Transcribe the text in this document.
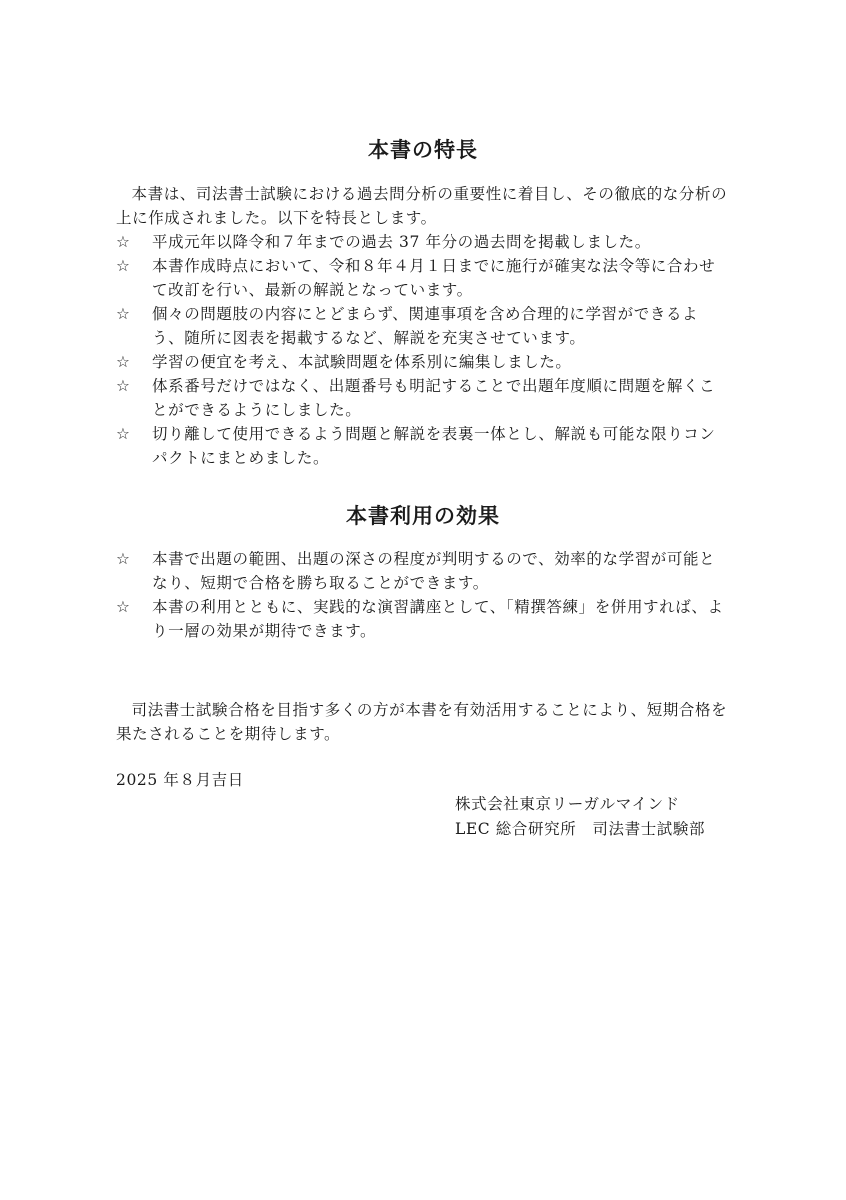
本書の特長
本書は、司法書士試験における過去問分析の重要性に着目し、その徹底的な分析の上に作成されました。以下を特長とします。
☆	平成元年以降令和７年までの過去 37 年分の過去問を掲載しました。
☆	本書作成時点において、令和８年４月１日までに施行が確実な法令等に合わせて改訂を行い、最新の解説となっています。
☆	個々の問題肢の内容にとどまらず、関連事項を含め合理的に学習ができるよう、随所に図表を掲載するなど、解説を充実させています。
☆	学習の便宜を考え、本試験問題を体系別に編集しました。
☆	体系番号だけではなく、出題番号も明記することで出題年度順に問題を解くことができるようにしました。
☆	切り離して使用できるよう問題と解説を表裏一体とし、解説も可能な限りコンパクトにまとめました。
本書利用の効果
☆	本書で出題の範囲、出題の深さの程度が判明するので、効率的な学習が可能となり、短期で合格を勝ち取ることができます。
☆	本書の利用とともに、実践的な演習講座として、「精撰答練」を併用すれば、より一層の効果が期待できます。
司法書士試験合格を目指す多くの方が本書を有効活用することにより、短期合格を果たされることを期待します。
2025 年８月吉日
株式会社東京リーガルマインド
LEC 総合研究所　司法書士試験部
